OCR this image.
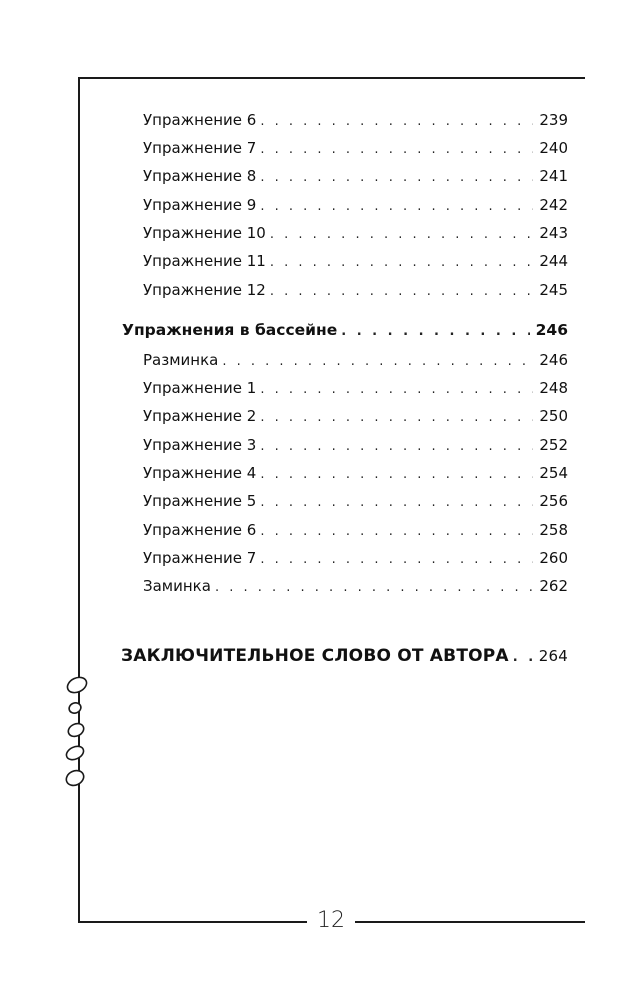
Упражнение 6 . . .	239
Упражнение 7 . . .	240
Упражнение 8 . . .	241
Упражнение 9 . . .	242
Упражнение 10 . . .	243
Упражнение 11 . . .	244
Упражнение 12 . . .	245
Упражнения в бассейне . . .	246
Разминка . . .	246
Упражнение 1 . . .	248
Упражнение 2 . . .	250
Упражнение 3 . . .	252
Упражнение 4 . . .	254
Упражнение 5 . . .	256
Упражнение 6 . . .	258
Упражнение 7 . . .	260
Заминка . . .	262
ЗАКЛЮЧИТЕЛЬНОЕ СЛОВО ОТ АВТОРА . . .	264
12
